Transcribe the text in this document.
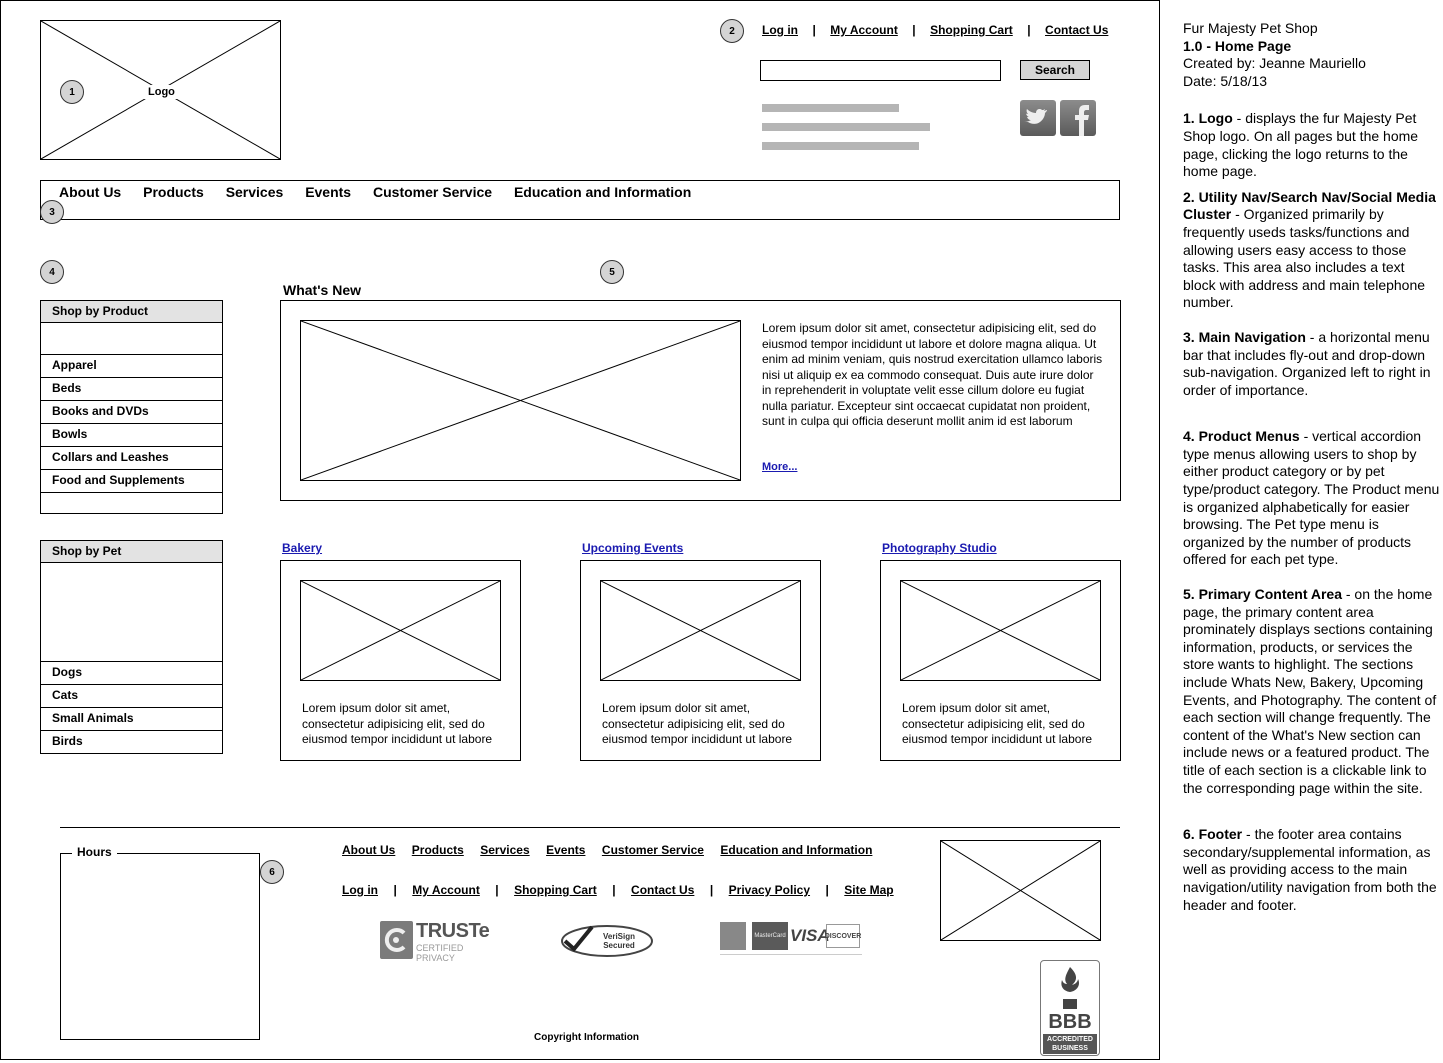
Logo
1
2	Log in | My Account | Shopping Cart | Contact Us
Search
About Us Products Services Events Customer Service Education and Information
3
4
Shop by Product
Apparel
Beds
Books and DVDs
Bowls
Collars and Leashes
Food and Supplements
Shop by Pet
Dogs
Cats
Small Animals
Birds
5
What's New
Lorem ipsum dolor sit amet, consectetur adipisicing elit, sed do eiusmod tempor incididunt ut labore et dolore magna aliqua. Ut enim ad minim veniam, quis nostrud exercitation ullamco laboris nisi ut aliquip ex ea commodo consequat. Duis aute irure dolor in reprehenderit in voluptate velit esse cillum dolore eu fugiat nulla pariatur. Excepteur sint occaecat cupidatat non proident, sunt in culpa qui officia deserunt mollit anim id est laborum
More...
Bakery
Lorem ipsum dolor sit amet, consectetur adipisicing elit, sed do eiusmod tempor incididunt ut labore
Upcoming Events
Lorem ipsum dolor sit amet, consectetur adipisicing elit, sed do eiusmod tempor incididunt ut labore
Photography Studio
Lorem ipsum dolor sit amet, consectetur adipisicing elit, sed do eiusmod tempor incididunt ut labore
Hours
6
About Us Products Services Events Customer Service Education and Information
Log in | My Account | Shopping Cart | Contact Us | Privacy Policy | Site Map
TRUSTe
CERTIFIED PRIVACY
VeriSign
Secured
MasterCard VISA
DISCOVER
BBB
ACCREDITED
BUSINESS
Copyright Information

Fur Majesty Pet Shop

1.0 - Home Page

Created by: Jeanne Mauriello

Date: 5/18/13

1. Logo - displays the fur Majesty Pet Shop logo. On all pages but the home page, clicking the logo returns to the home page.

2. Utility Nav/Search Nav/Social Media Cluster - Organized primarily by frequently useds tasks/functions and allowing users easy access to those tasks. This area also includes a text block with address and main telephone number.

3. Main Navigation - a horizontal menu bar that includes fly-out and drop-down sub-navigation. Organized left to right in order of importance.

4. Product Menus - vertical accordion type menus allowing users to shop by either product category or by pet type/product category. The Product menu is organized alphabetically for easier browsing. The Pet type menu is organized by the number of products offered for each pet type.

5. Primary Content Area - on the home page, the primary content area prominately displays sections containing information, products, or services the store wants to highlight. The sections include Whats New, Bakery, Upcoming Events, and Photography. The content of each section will change frequently. The content of the What's New section can include news or a featured product. The title of each section is a clickable link to the corresponding page within the site.

6. Footer - the footer area contains secondary/supplemental information, as well as providing access to the main navigation/utility navigation from both the header and footer.
